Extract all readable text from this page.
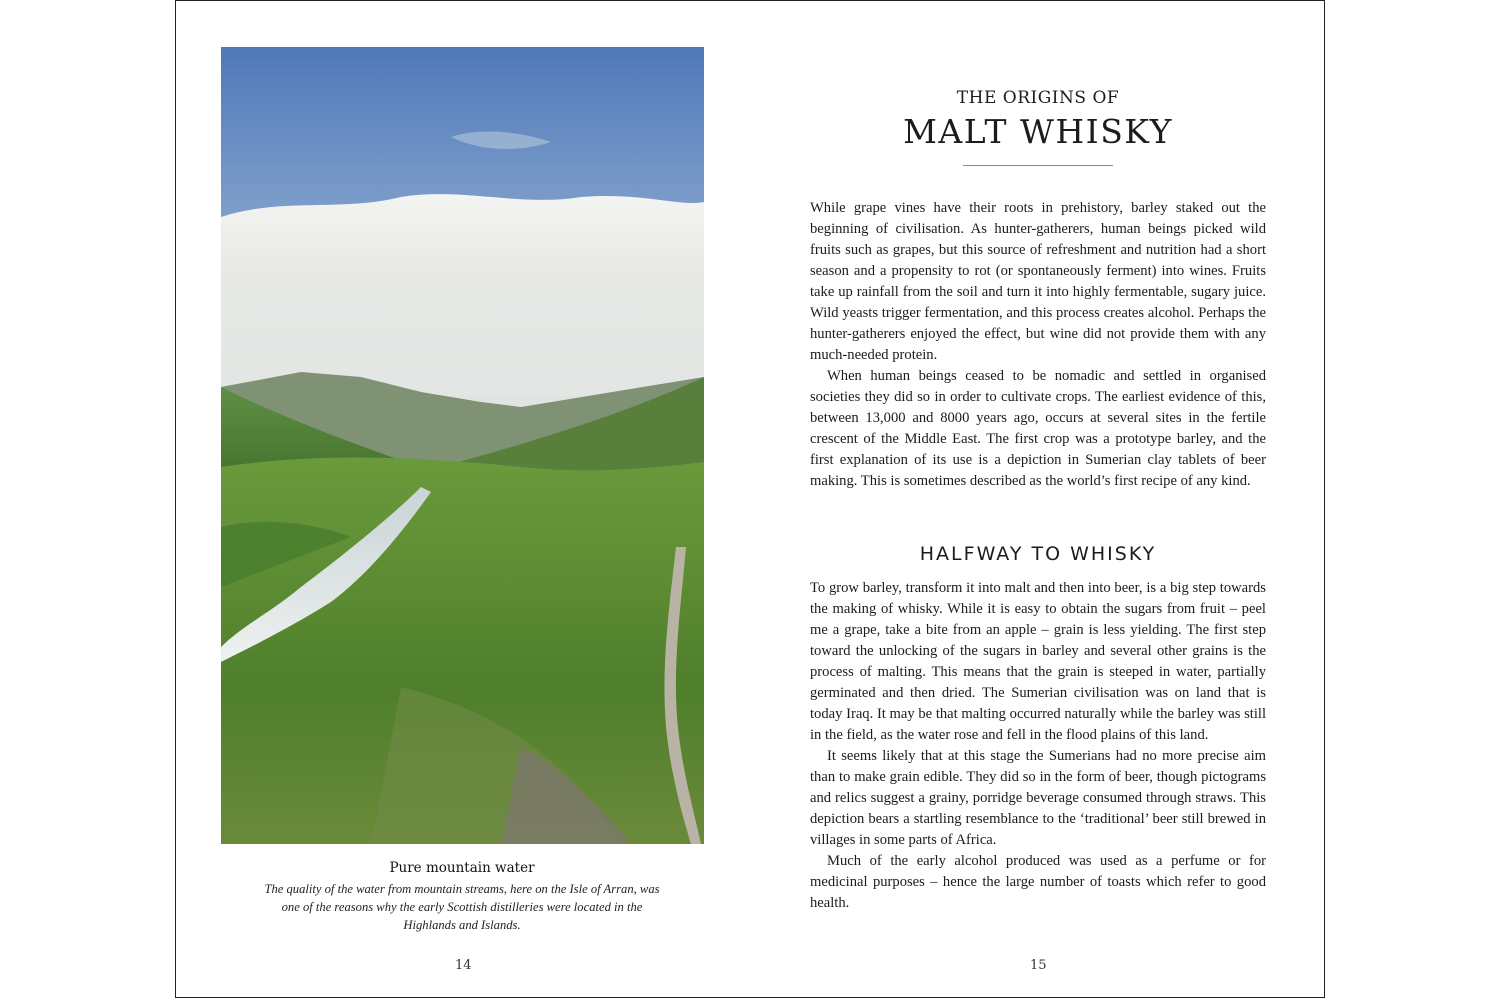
Pure mountain water
The quality of the water from mountain streams, here on the Isle of Arran, was one of the reasons why the early Scottish distilleries were located in the Highlands and Islands.
14
THE ORIGINS OF
MALT WHISKY

While grape vines have their roots in prehistory, barley staked out the beginning of civilisation. As hunter-gatherers, human beings picked wild fruits such as grapes, but this source of refreshment and nutrition had a short season and a propensity to rot (or spontaneously ferment) into wines. Fruits take up rainfall from the soil and turn it into highly fermentable, sugary juice. Wild yeasts trigger fermentation, and this process creates alcohol. Perhaps the hunter-gatherers enjoyed the effect, but wine did not provide them with any much-needed protein.

When human beings ceased to be nomadic and settled in organised societies they did so in order to cultivate crops. The earliest evidence of this, between 13,000 and 8000 years ago, occurs at several sites in the fertile crescent of the Middle East. The first crop was a prototype barley, and the first explanation of its use is a depiction in Sumerian clay tablets of beer making. This is sometimes described as the world’s first recipe of any kind.

HALFWAY TO WHISKY

To grow barley, transform it into malt and then into beer, is a big step towards the making of whisky. While it is easy to obtain the sugars from fruit – peel me a grape, take a bite from an apple – grain is less yielding. The first step toward the unlocking of the sugars in barley and several other grains is the process of malting. This means that the grain is steeped in water, partially germinated and then dried. The Sumerian civilisation was on land that is today Iraq. It may be that malting occurred naturally while the barley was still in the field, as the water rose and fell in the flood plains of this land.

It seems likely that at this stage the Sumerians had no more precise aim than to make grain edible. They did so in the form of beer, though pictograms and relics suggest a grainy, porridge beverage consumed through straws. This depiction bears a startling resemblance to the ‘traditional’ beer still brewed in villages in some parts of Africa.

Much of the early alcohol produced was used as a perfume or for medicinal purposes – hence the large number of toasts which refer to good health.

15
